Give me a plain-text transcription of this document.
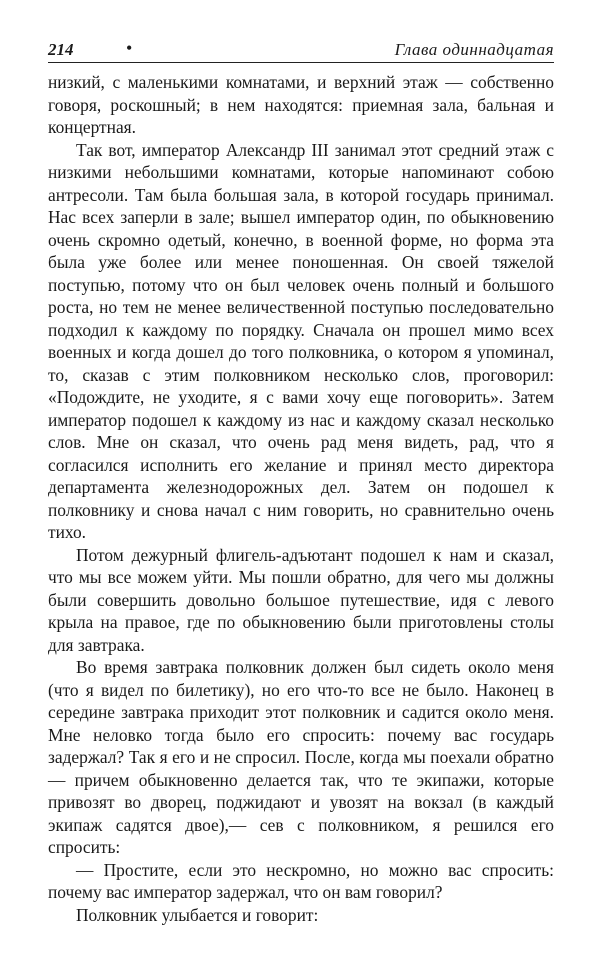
214	•	Глава одиннадцатая

низкий, с маленькими комнатами, и верхний этаж — собственно говоря, роскошный; в нем находятся: приемная зала, бальная и концертная.

Так вот, император Александр III занимал этот средний этаж с низкими небольшими комнатами, которые напоминают собою антресоли. Там была большая зала, в которой государь принимал. Нас всех заперли в зале; вышел император один, по обыкновению очень скромно одетый, конечно, в военной форме, но форма эта была уже более или менее поношенная. Он своей тяжелой поступью, потому что он был человек очень полный и большого роста, но тем не менее величественной поступью последовательно подходил к каждому по порядку. Сначала он прошел мимо всех военных и когда дошел до того полковника, о котором я упоминал, то, сказав с этим полковником несколько слов, проговорил: «Подождите, не уходите, я с вами хочу еще поговорить». Затем император подошел к каждому из нас и каждому сказал несколько слов. Мне он сказал, что очень рад меня видеть, рад, что я согласился исполнить его желание и принял место директора департамента железнодорожных дел. Затем он подошел к полковнику и снова начал с ним говорить, но сравнительно очень тихо.

Потом дежурный флигель-адъютант подошел к нам и сказал, что мы все можем уйти. Мы пошли обратно, для чего мы должны были совершить довольно большое путешествие, идя с левого крыла на правое, где по обыкновению были приготовлены столы для завтрака.

Во время завтрака полковник должен был сидеть около меня (что я видел по билетику), но его что-то все не было. Наконец в середине завтрака приходит этот полковник и садится около меня. Мне неловко тогда было его спросить: почему вас государь задержал? Так я его и не спросил. После, когда мы поехали обратно — причем обыкновенно делается так, что те экипажи, которые привозят во дворец, поджидают и увозят на вокзал (в каждый экипаж садятся двое),— сев с полковником, я решился его спросить:

— Простите, если это нескромно, но можно вас спросить: почему вас император задержал, что он вам говорил?

Полковник улыбается и говорит:
